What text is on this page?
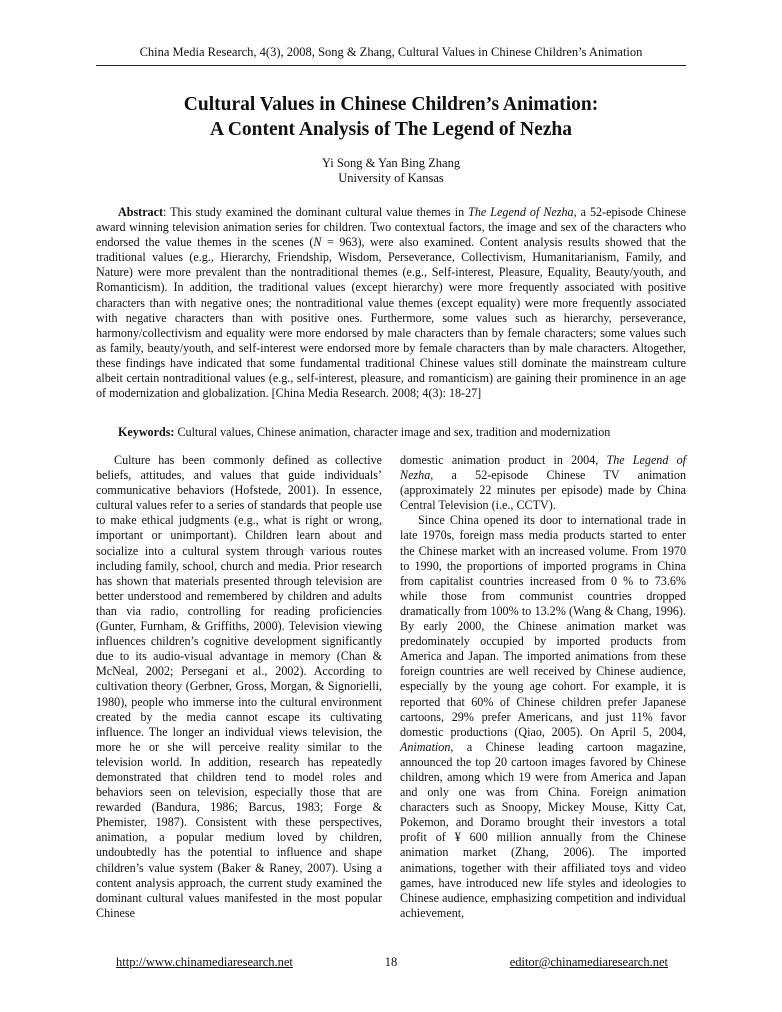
China Media Research, 4(3), 2008, Song & Zhang, Cultural Values in Chinese Children’s Animation
Cultural Values in Chinese Children’s Animation:
A Content Analysis of The Legend of Nezha
Yi Song & Yan Bing Zhang
University of Kansas

Abstract: This study examined the dominant cultural value themes in The Legend of Nezha, a 52-episode Chinese award winning television animation series for children. Two contextual factors, the image and sex of the characters who endorsed the value themes in the scenes (N = 963), were also examined. Content analysis results showed that the traditional values (e.g., Hierarchy, Friendship, Wisdom, Perseverance, Collectivism, Humanitarianism, Family, and Nature) were more prevalent than the nontraditional themes (e.g., Self-interest, Pleasure, Equality, Beauty/youth, and Romanticism). In addition, the traditional values (except hierarchy) were more frequently associated with positive characters than with negative ones; the nontraditional value themes (except equality) were more frequently associated with negative characters than with positive ones. Furthermore, some values such as hierarchy, perseverance, harmony/collectivism and equality were more endorsed by male characters than by female characters; some values such as family, beauty/youth, and self-interest were endorsed more by female characters than by male characters. Altogether, these findings have indicated that some fundamental traditional Chinese values still dominate the mainstream culture albeit certain nontraditional values (e.g., self-interest, pleasure, and romanticism) are gaining their prominence in an age of modernization and globalization. [China Media Research. 2008; 4(3): 18-27]

Keywords: Cultural values, Chinese animation, character image and sex, tradition and modernization

Culture has been commonly defined as collective beliefs, attitudes, and values that guide individuals’ communicative behaviors (Hofstede, 2001). In essence, cultural values refer to a series of standards that people use to make ethical judgments (e.g., what is right or wrong, important or unimportant). Children learn about and socialize into a cultural system through various routes including family, school, church and media. Prior research has shown that materials presented through television are better understood and remembered by children and adults than via radio, controlling for reading proficiencies (Gunter, Furnham, & Griffiths, 2000). Television viewing influences children’s cognitive development significantly due to its audio-visual advantage in memory (Chan & McNeal, 2002; Persegani et al., 2002). According to cultivation theory (Gerbner, Gross, Morgan, & Signorielli, 1980), people who immerse into the cultural environment created by the media cannot escape its cultivating influence. The longer an individual views television, the more he or she will perceive reality similar to the television world. In addition, research has repeatedly demonstrated that children tend to model roles and behaviors seen on television, especially those that are rewarded (Bandura, 1986; Barcus, 1983; Forge & Phemister, 1987). Consistent with these perspectives, animation, a popular medium loved by children, undoubtedly has the potential to influence and shape children’s value system (Baker & Raney, 2007). Using a content analysis approach, the current study examined the dominant cultural values manifested in the most popular Chinese

domestic animation product in 2004, The Legend of Nezha, a 52-episode Chinese TV animation (approximately 22 minutes per episode) made by China Central Television (i.e., CCTV).

Since China opened its door to international trade in late 1970s, foreign mass media products started to enter the Chinese market with an increased volume. From 1970 to 1990, the proportions of imported programs in China from capitalist countries increased from 0 % to 73.6% while those from communist countries dropped dramatically from 100% to 13.2% (Wang & Chang, 1996). By early 2000, the Chinese animation market was predominately occupied by imported products from America and Japan. The imported animations from these foreign countries are well received by Chinese audience, especially by the young age cohort. For example, it is reported that 60% of Chinese children prefer Japanese cartoons, 29% prefer Americans, and just 11% favor domestic productions (Qiao, 2005). On April 5, 2004, Animation, a Chinese leading cartoon magazine, announced the top 20 cartoon images favored by Chinese children, among which 19 were from America and Japan and only one was from China. Foreign animation characters such as Snoopy, Mickey Mouse, Kitty Cat, Pokemon, and Doramo brought their investors a total profit of ¥ 600 million annually from the Chinese animation market (Zhang, 2006). The imported animations, together with their affiliated toys and video games, have introduced new life styles and ideologies to Chinese audience, emphasizing competition and individual achievement,

http://www.chinamediaresearch.net	18	editor@chinamediaresearch.net
